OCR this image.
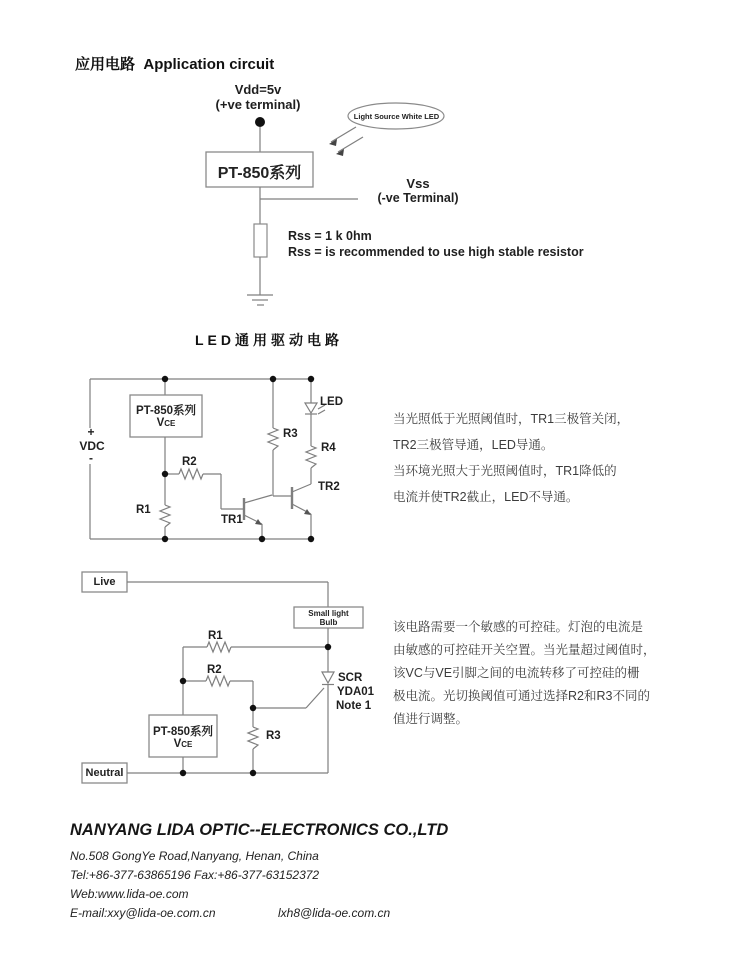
应用电路 Application circuit
Vdd=5v
(+ve terminal)
Light Source White LED
PT-850系列
Vss
(-ve Terminal)
Rss = 1 k 0hm
Rss = is recommended to use high stable resistor
LED通用驱动电路
+
VDC
-
PT-850系列
VCE
R2
R1
TR1
R3
LED
R4
TR2
当光照低于光照阈值时，TR1三极管关闭，
TR2三极管导通，LED导通。
当环境光照大于光照阈值时，TR1降低的
电流并使TR2截止，LED不导通。
Live
Small light
Bulb
R1
R2
R3
SCR
YDA01
Note 1
PT-850系列
VCE
Neutral
该电路需要一个敏感的可控硅。灯泡的电流是
由敏感的可控硅开关空置。当光量超过阈值时，
该VC与VE引脚之间的电流转移了可控硅的栅
极电流。光切换阈值可通过选择R2和R3不同的
值进行调整。
NANYANG LIDA OPTIC--ELECTRONICS CO.,LTD
No.508 GongYe Road,Nanyang, Henan, China
Tel:+86-377-63865196 Fax:+86-377-63152372
Web:www.lida-oe.com
E-mail:xxy@lida-oe.com.cn	lxh8@lida-oe.com.cn
